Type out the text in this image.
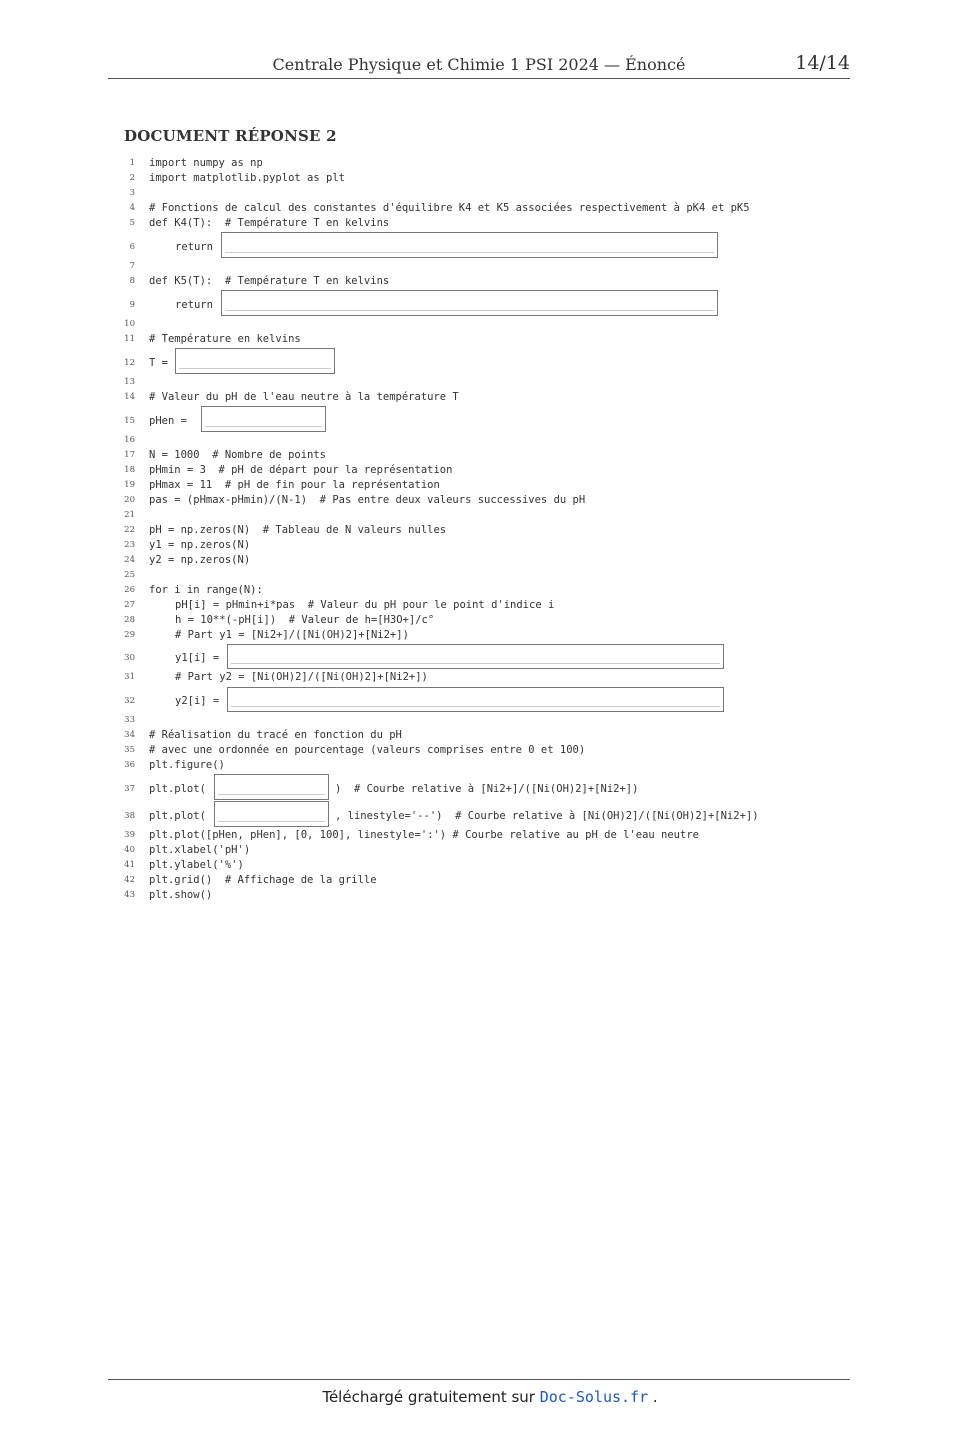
Centrale Physique et Chimie 1 PSI 2024 — Énoncé	14/14
DOCUMENT RÉPONSE 2
1 import numpy as np
2 import matplotlib.pyplot as plt
3
4 # Fonctions de calcul des constantes d'équilibre K4 et K5 associées respectivement à pK4 et pK5
5 def K4(T):  # Température T en kelvins
6	return
7
8 def K5(T):  # Température T en kelvins
9	return
10
11 # Température en kelvins
12 T =
13
14 # Valeur du pH de l'eau neutre à la température T
15 pHen =
16
17 N = 1000  # Nombre de points
18 pHmin = 3  # pH de départ pour la représentation
19 pHmax = 11  # pH de fin pour la représentation
20 pas = (pHmax-pHmin)/(N-1)  # Pas entre deux valeurs successives du pH
21
22 pH = np.zeros(N)  # Tableau de N valeurs nulles
23 y1 = np.zeros(N)
24 y2 = np.zeros(N)
25
26 for i in range(N):
27	pH[i] = pHmin+i*pas  # Valeur du pH pour le point d'indice i
28	h = 10**(-pH[i])  # Valeur de h=[H3O+]/c°
29	# Part y1 = [Ni2+]/([Ni(OH)2]+[Ni2+])
30	y1[i] =
31	# Part y2 = [Ni(OH)2]/([Ni(OH)2]+[Ni2+])
32	y2[i] =
33
34 # Réalisation du tracé en fonction du pH
35 # avec une ordonnée en pourcentage (valeurs comprises entre 0 et 100)
36 plt.figure()
37 plt.plot(	)  # Courbe relative à [Ni2+]/([Ni(OH)2]+[Ni2+])
38 plt.plot(	, linestyle='--')  # Courbe relative à [Ni(OH)2]/([Ni(OH)2]+[Ni2+])
39 plt.plot([pHen, pHen], [0, 100], linestyle=':') # Courbe relative au pH de l'eau neutre
40 plt.xlabel('pH')
41 plt.ylabel('%')
42 plt.grid()  # Affichage de la grille
43 plt.show()
Téléchargé gratuitement sur Doc-Solus.fr .
